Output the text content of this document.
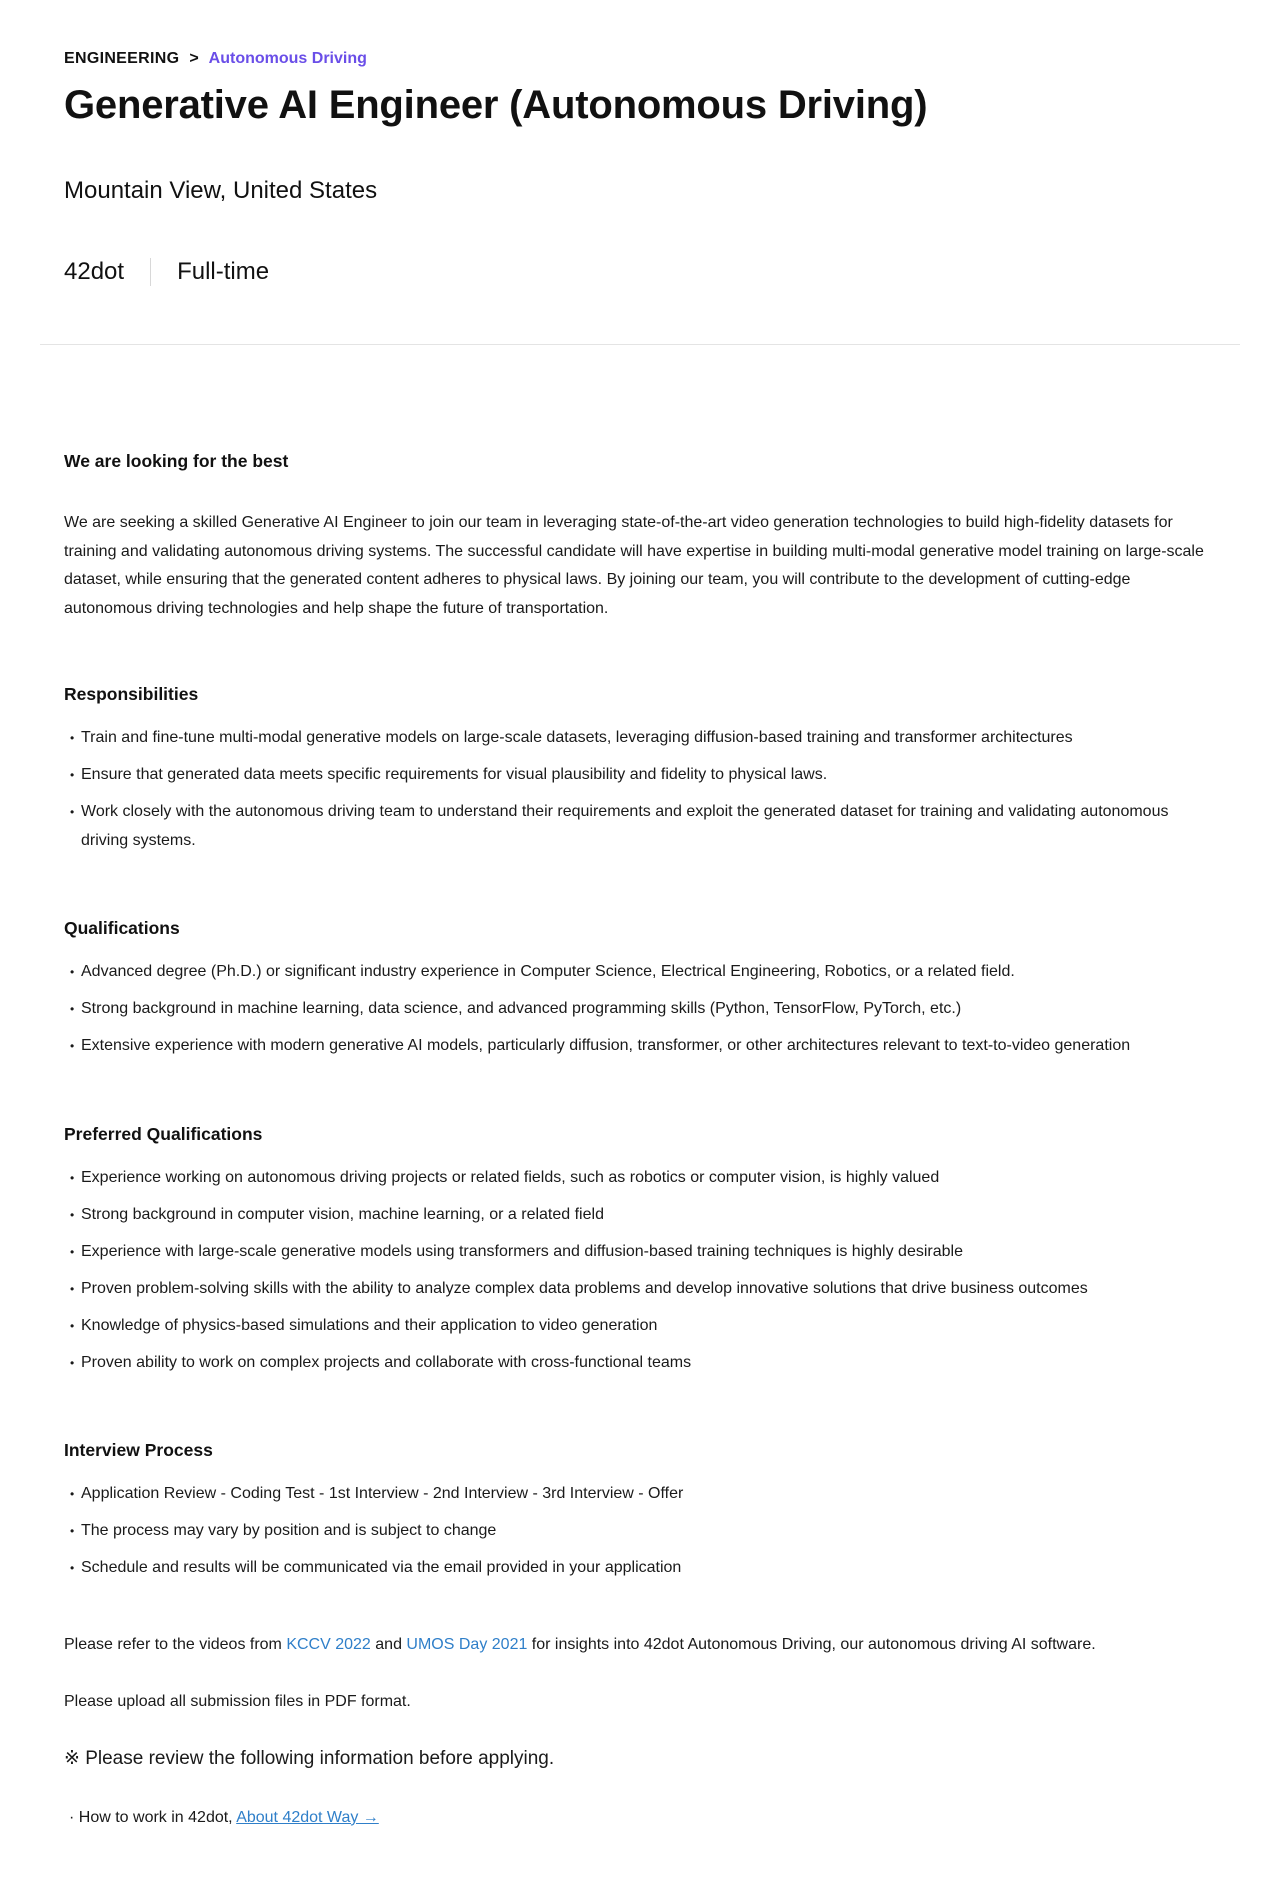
ENGINEERING > Autonomous Driving
Generative AI Engineer (Autonomous Driving)
Mountain View, United States
42dot Full-time
We are looking for the best

We are seeking a skilled Generative AI Engineer to join our team in leveraging state-of-the-art video generation technologies to build high-fidelity datasets for training and validating autonomous driving systems. The successful candidate will have expertise in building multi-modal generative model training on large-scale dataset, while ensuring that the generated content adheres to physical laws. By joining our team, you will contribute to the development of cutting-edge autonomous driving technologies and help shape the future of transportation.

Responsibilities
• Train and fine-tune multi-modal generative models on large-scale datasets, leveraging diffusion-based training and transformer architectures
• Ensure that generated data meets specific requirements for visual plausibility and fidelity to physical laws.
• Work closely with the autonomous driving team to understand their requirements and exploit the generated dataset for training and validating autonomous driving systems.
Qualifications
• Advanced degree (Ph.D.) or significant industry experience in Computer Science, Electrical Engineering, Robotics, or a related field.
• Strong background in machine learning, data science, and advanced programming skills (Python, TensorFlow, PyTorch, etc.)
• Extensive experience with modern generative AI models, particularly diffusion, transformer, or other architectures relevant to text-to-video generation
Preferred Qualifications
• Experience working on autonomous driving projects or related fields, such as robotics or computer vision, is highly valued
• Strong background in computer vision, machine learning, or a related field
• Experience with large-scale generative models using transformers and diffusion-based training techniques is highly desirable
• Proven problem-solving skills with the ability to analyze complex data problems and develop innovative solutions that drive business outcomes
• Knowledge of physics-based simulations and their application to video generation
• Proven ability to work on complex projects and collaborate with cross-functional teams
Interview Process
• Application Review - Coding Test - 1st Interview - 2nd Interview - 3rd Interview - Offer
• The process may vary by position and is subject to change
• Schedule and results will be communicated via the email provided in your application

Please refer to the videos from KCCV 2022 and UMOS Day 2021 for insights into 42dot Autonomous Driving, our autonomous driving AI software.

Please upload all submission files in PDF format.

※ Please review the following information before applying.

· How to work in 42dot, About 42dot Way →
